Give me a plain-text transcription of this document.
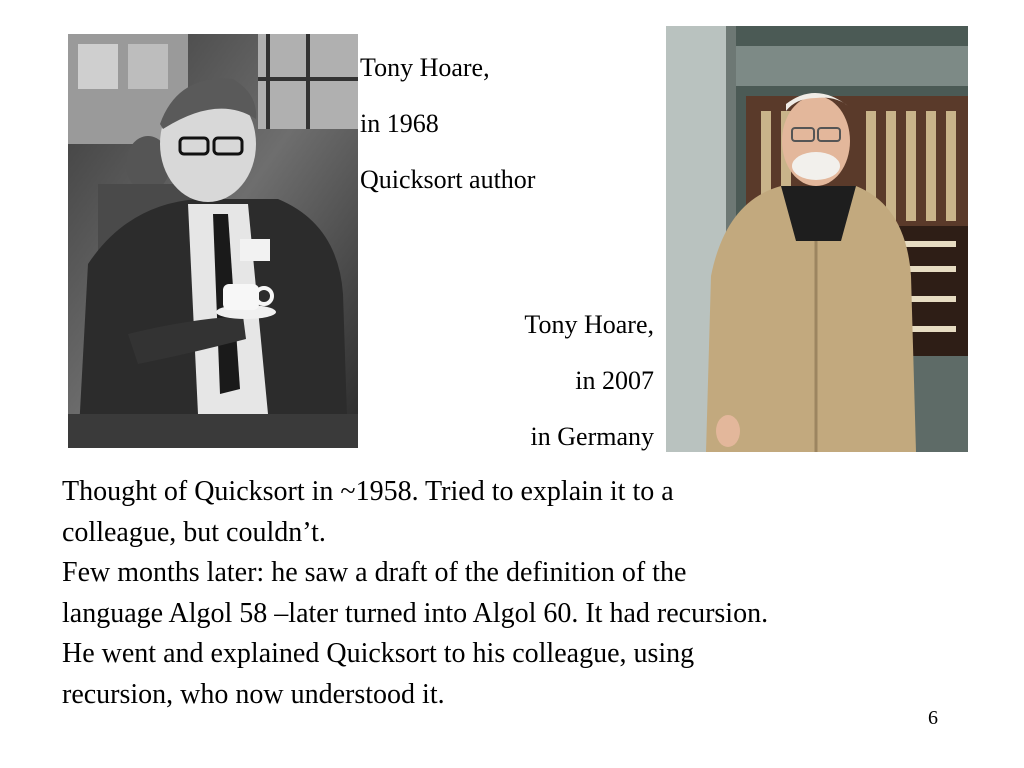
Tony Hoare,
in 1968
Quicksort author
Tony Hoare,
in 2007
in Germany
Thought of Quicksort in ~1958. Tried to explain it to a
colleague, but couldn’t.
Few months later: he saw a draft of the definition of the
language Algol 58 –later turned into Algol 60. It had recursion.
He went and explained Quicksort to his colleague, using
recursion, who now understood it.
6
